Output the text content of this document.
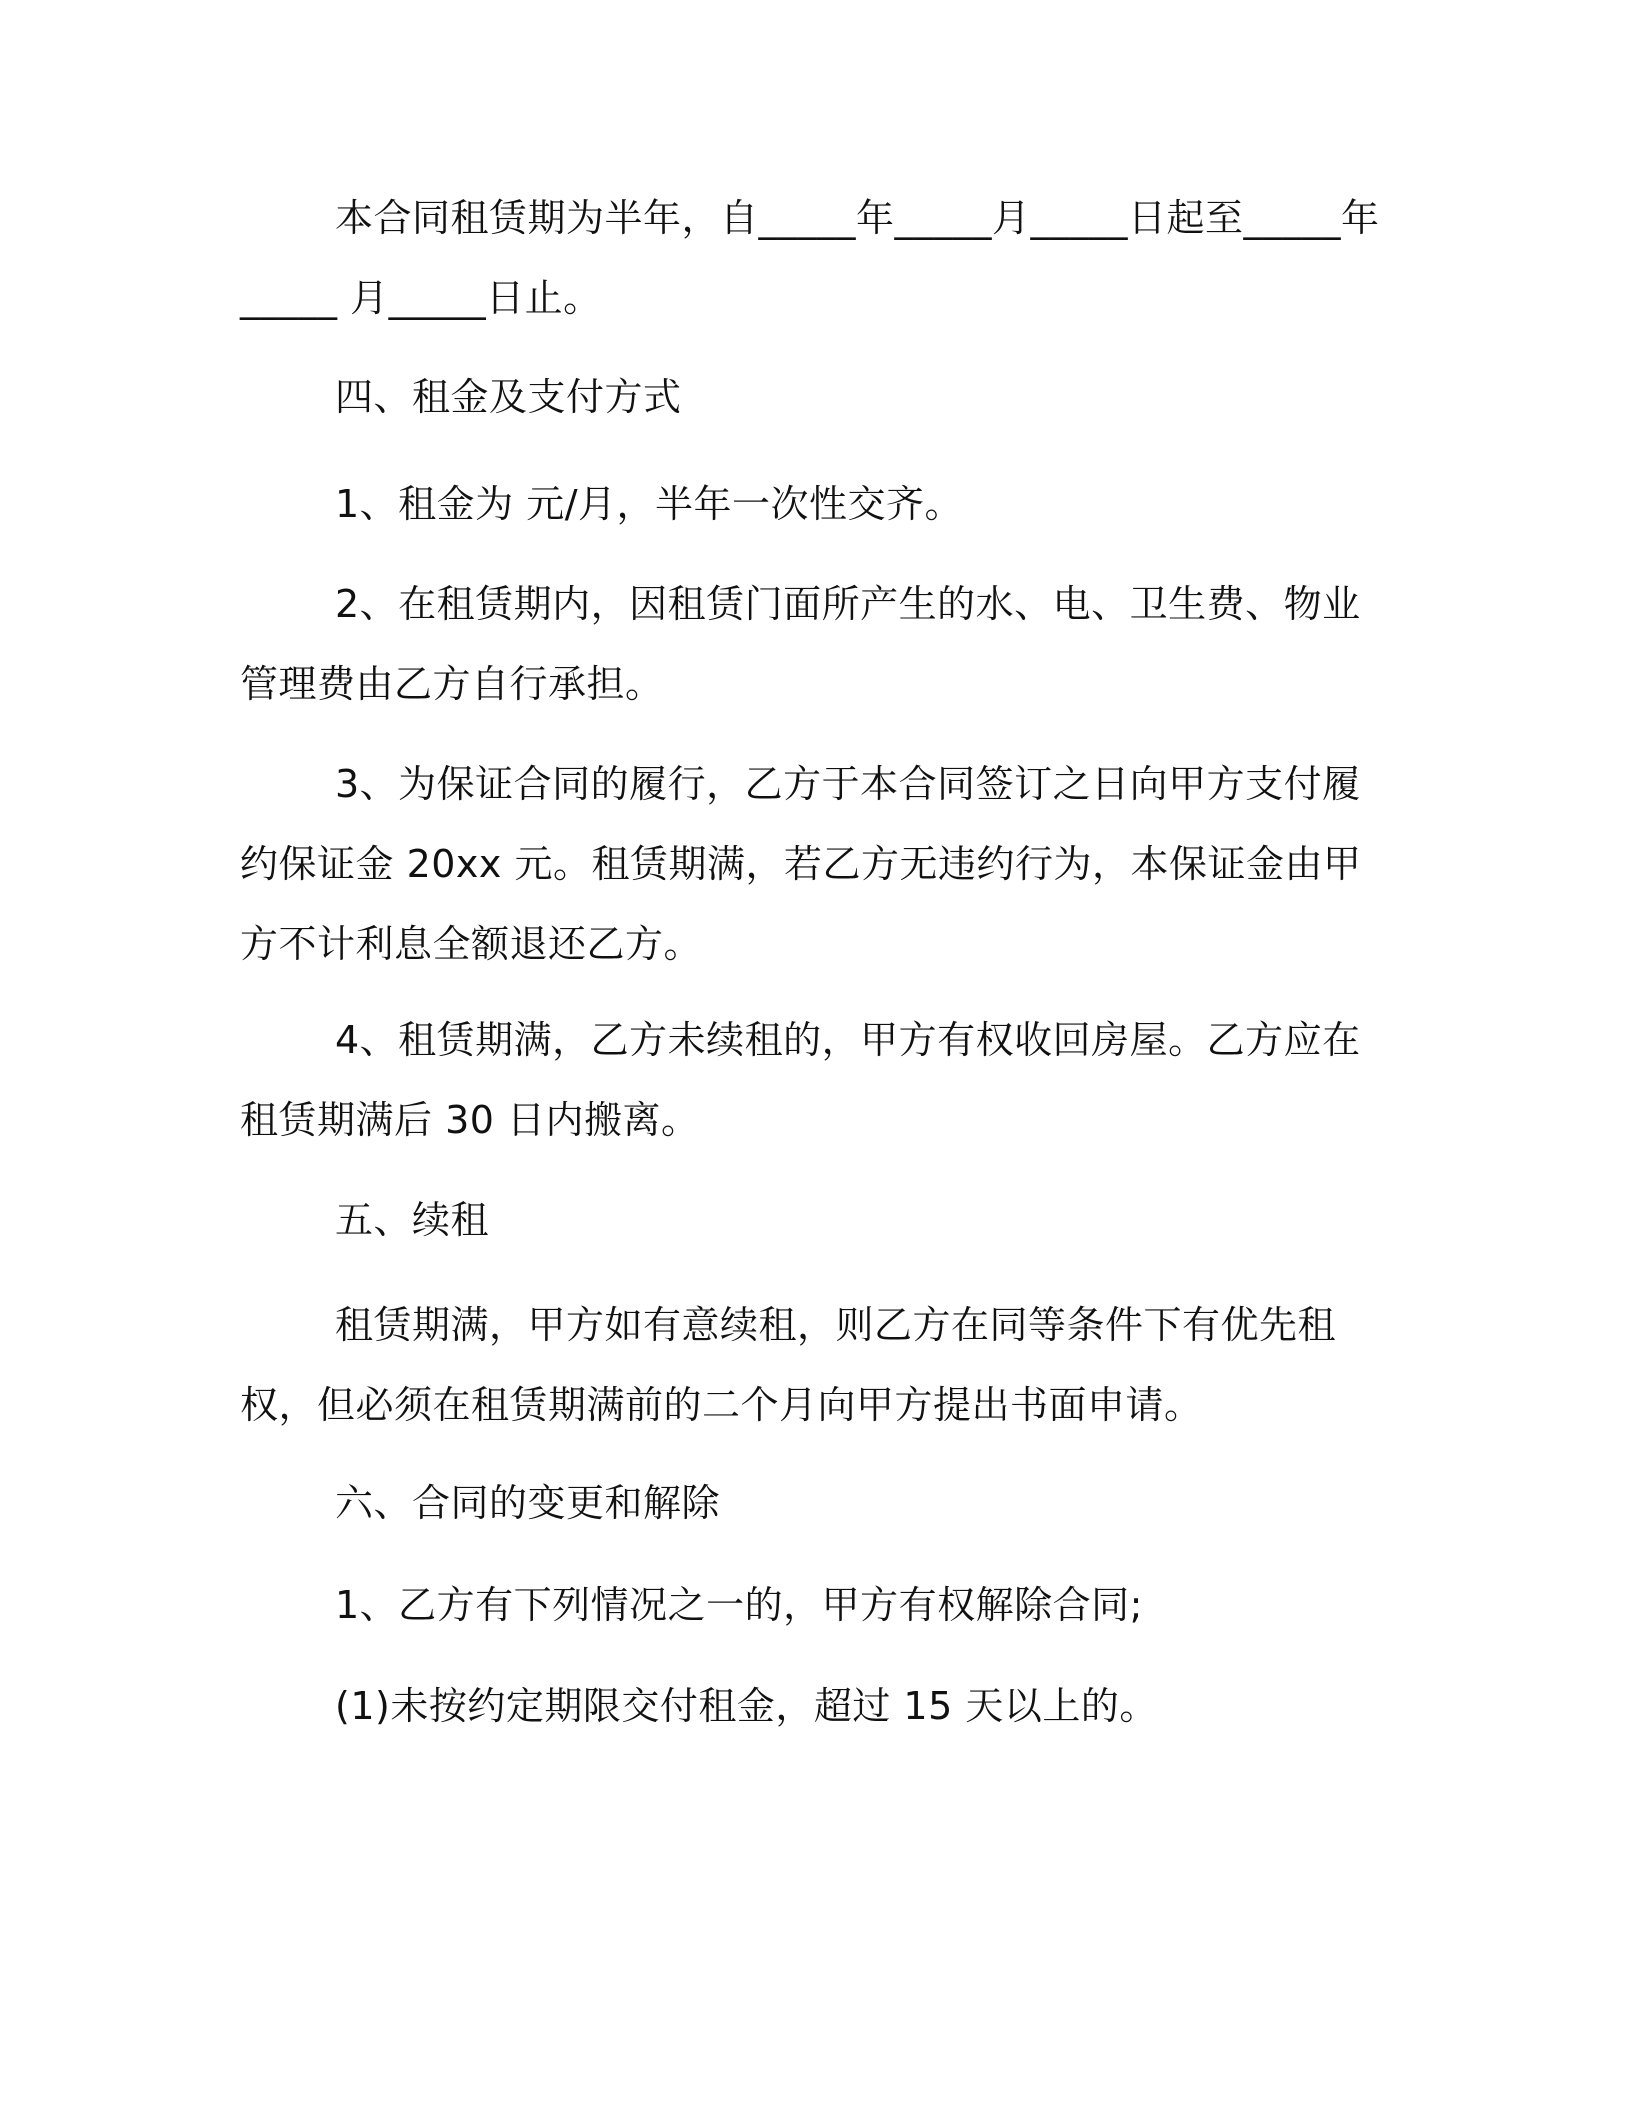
本合同租赁期为半年，自_____年_____月_____日起至_____年_____ 月_____日止。
四、租金及支付方式
1、租金为 元/月，半年一次性交齐。
2、在租赁期内，因租赁门面所产生的水、电、卫生费、物业管理费由乙方自行承担。
3、为保证合同的履行，乙方于本合同签订之日向甲方支付履约保证金 20xx 元。租赁期满，若乙方无违约行为，本保证金由甲方不计利息全额退还乙方。
4、租赁期满，乙方未续租的，甲方有权收回房屋。乙方应在租赁期满后 30 日内搬离。
五、续租
租赁期满，甲方如有意续租，则乙方在同等条件下有优先租权，但必须在租赁期满前的二个月向甲方提出书面申请。
六、合同的变更和解除
1、乙方有下列情况之一的，甲方有权解除合同;
(1)未按约定期限交付租金，超过 15 天以上的。
